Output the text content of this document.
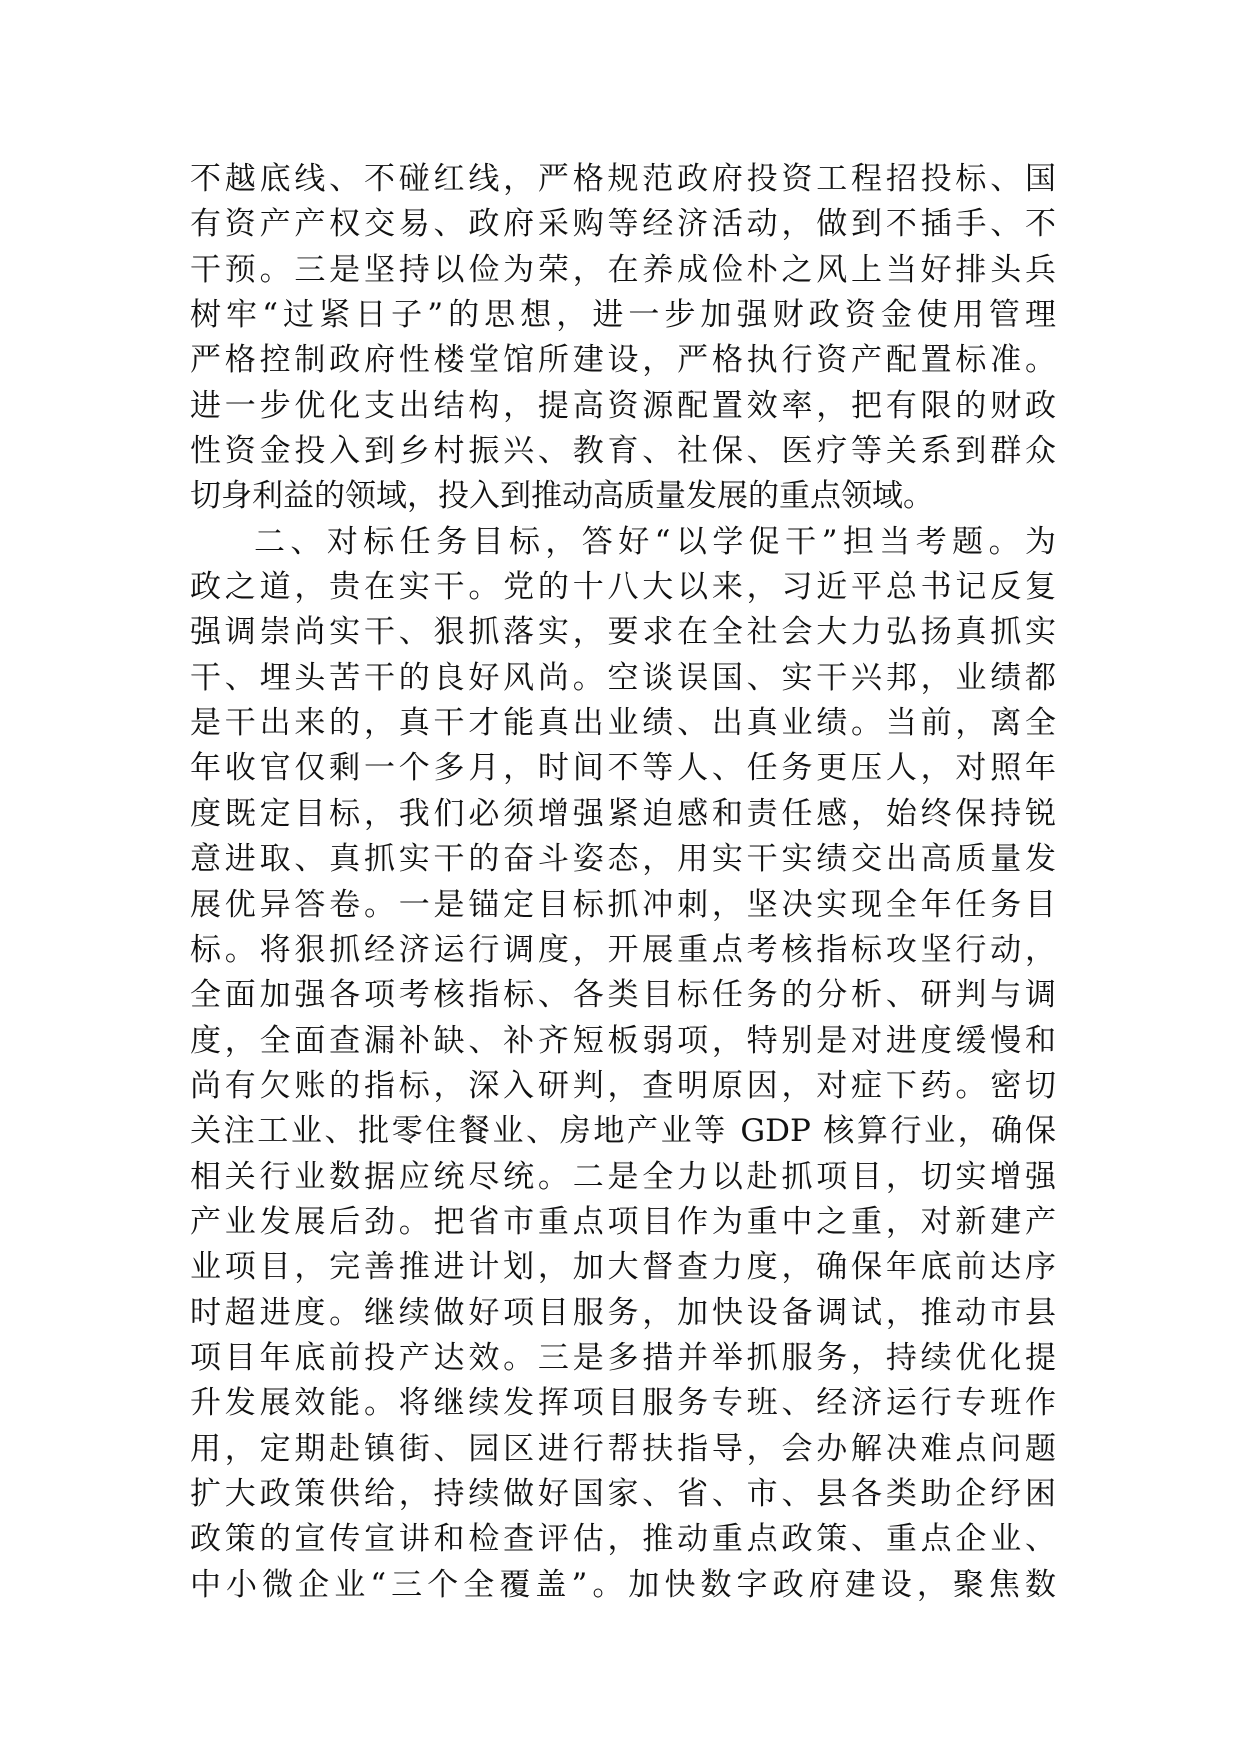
不越底线、不碰红线，严格规范政府投资工程招投标、国
有资产产权交易、政府采购等经济活动，做到不插手、不
干预。三是坚持以俭为荣，在养成俭朴之风上当好排头兵
树牢“过紧日子”的思想，进一步加强财政资金使用管理
严格控制政府性楼堂馆所建设，严格执行资产配置标准。
进一步优化支出结构，提高资源配置效率，把有限的财政
性资金投入到乡村振兴、教育、社保、医疗等关系到群众
切身利益的领域，投入到推动高质量发展的重点领域。
二、对标任务目标，答好“以学促干”担当考题。为
政之道，贵在实干。党的十八大以来，习近平总书记反复
强调崇尚实干、狠抓落实，要求在全社会大力弘扬真抓实
干、埋头苦干的良好风尚。空谈误国、实干兴邦，业绩都
是干出来的，真干才能真出业绩、出真业绩。当前，离全
年收官仅剩一个多月，时间不等人、任务更压人，对照年
度既定目标，我们必须增强紧迫感和责任感，始终保持锐
意进取、真抓实干的奋斗姿态，用实干实绩交出高质量发
展优异答卷。一是锚定目标抓冲刺，坚决实现全年任务目
标。将狠抓经济运行调度，开展重点考核指标攻坚行动，
全面加强各项考核指标、各类目标任务的分析、研判与调
度，全面查漏补缺、补齐短板弱项，特别是对进度缓慢和
尚有欠账的指标，深入研判，查明原因，对症下药。密切
关注工业、批零住餐业、房地产业等 GDP 核算行业，确保
相关行业数据应统尽统。二是全力以赴抓项目，切实增强
产业发展后劲。把省市重点项目作为重中之重，对新建产
业项目，完善推进计划，加大督查力度，确保年底前达序
时超进度。继续做好项目服务，加快设备调试，推动市县
项目年底前投产达效。三是多措并举抓服务，持续优化提
升发展效能。将继续发挥项目服务专班、经济运行专班作
用，定期赴镇街、园区进行帮扶指导，会办解决难点问题
扩大政策供给，持续做好国家、省、市、县各类助企纾困
政策的宣传宣讲和检查评估，推动重点政策、重点企业、
中小微企业“三个全覆盖”。加快数字政府建设，聚焦数
